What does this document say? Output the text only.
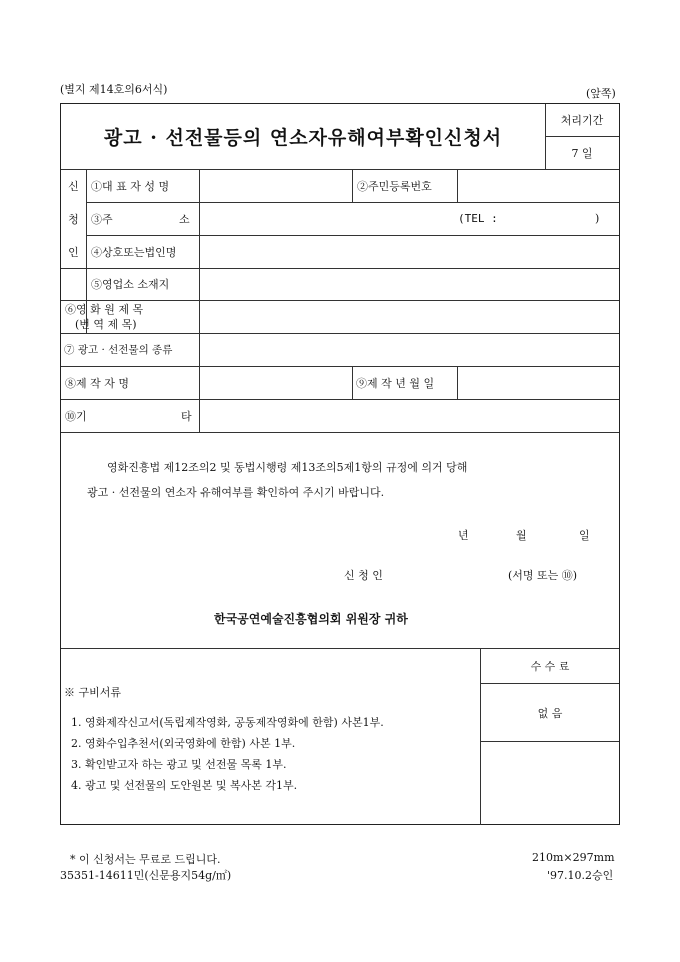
(별지 제14호의6서식)	(앞쪽)
광고 · 선전물등의 연소자유해여부확인신청서
처리기간
7 일
신
청
인
①대 표 자 성 명	②주민등록번호
③주	소	(TEL :	)
④상호또는법인명
⑤영업소 소재지
⑥영 화 원 제 목
(번 역 제 목)
⑦ 광고 · 선전물의 종류
⑧제 작 자 명	⑨제 작 년 월 일
⑩기	타
영화진흥법 제12조의2 및 동법시행령 제13조의5제1항의 규정에 의거 당해
광고 · 선전물의 연소자 유해여부를 확인하여 주시기 바랍니다.
년	월	일
신 청 인	(서명 또는 ⑩)
한국공연예술진흥협의회 위원장 귀하
※ 구비서류
1. 영화제작신고서(독립제작영화, 공동제작영화에 한함) 사본1부.
2. 영화수입추천서(외국영화에 한함) 사본 1부.
3. 확인받고자 하는 광고 및 선전물 목록 1부.
4. 광고 및 선전물의 도안원본 및 복사본 각1부.
수 수 료
없 음
* 이 신청서는 무료로 드립니다.
35351-14611민(신문용지54g/㎡)
210m×297mm
'97.10.2승인
